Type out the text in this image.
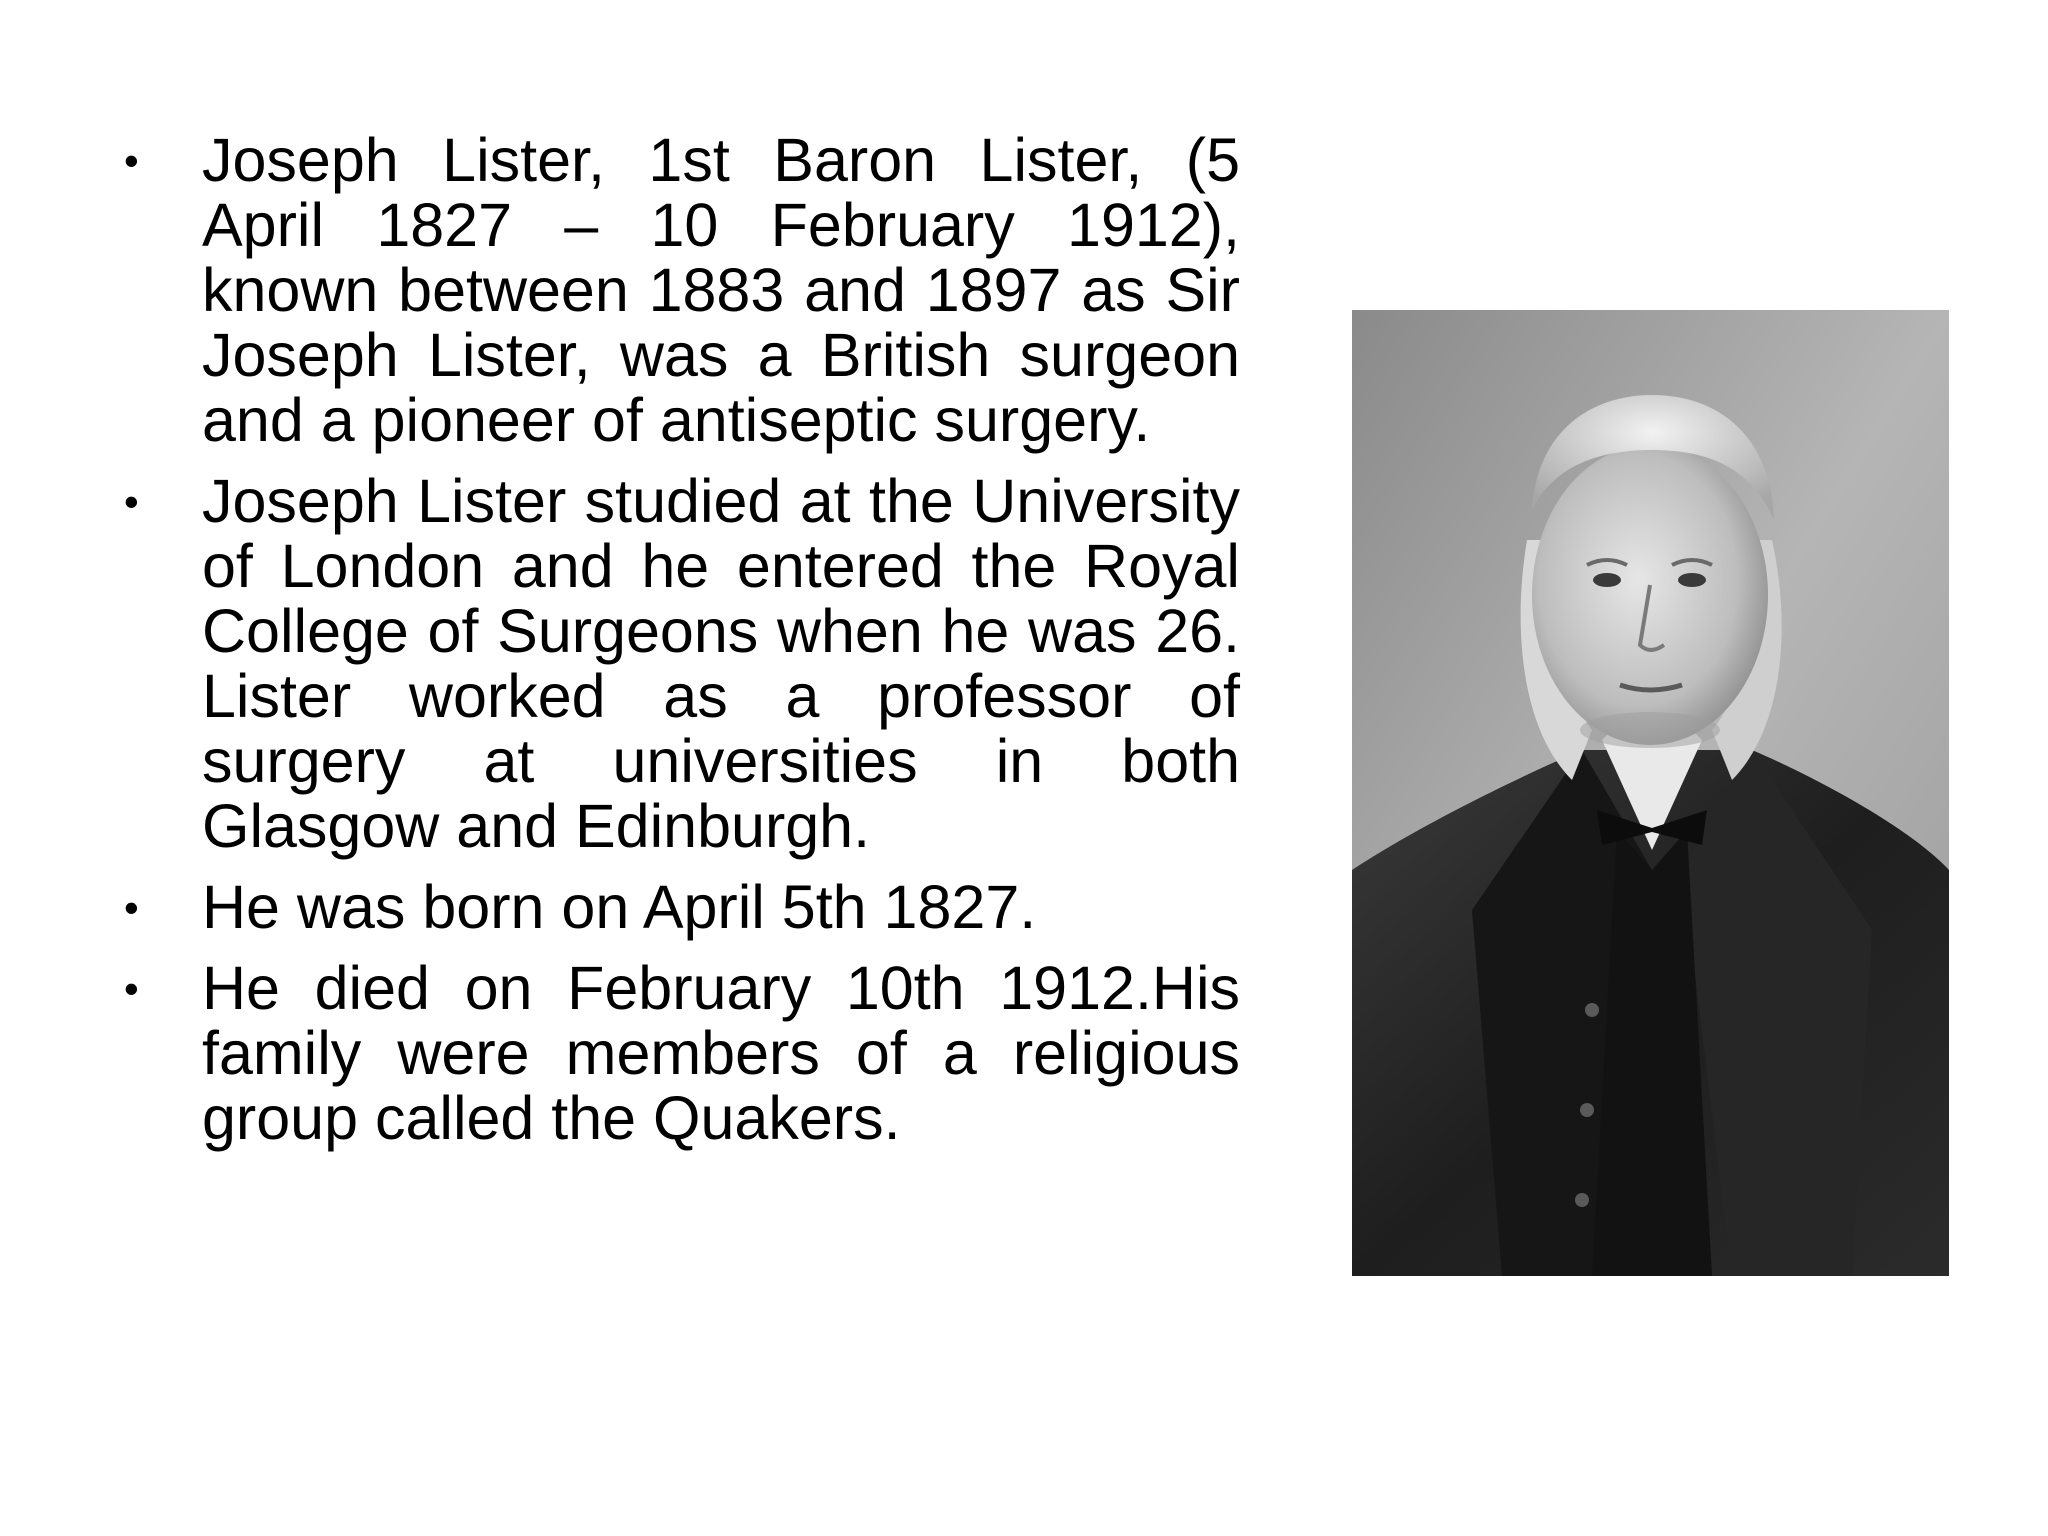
•	Joseph Lister, 1st Baron Lister, (5 April 1827 – 10 February 1912), known between 1883 and 1897 as Sir Joseph Lister, was a British surgeon and a pioneer of antiseptic surgery.
•	Joseph Lister studied at the University of London and he entered the Royal College of Surgeons when he was 26. Lister worked as a professor of surgery at universities in both Glasgow and Edinburgh.
•	He was born on April 5th 1827.
•	He died on February 10th 1912.His family were members of a religious group called the Quakers.
